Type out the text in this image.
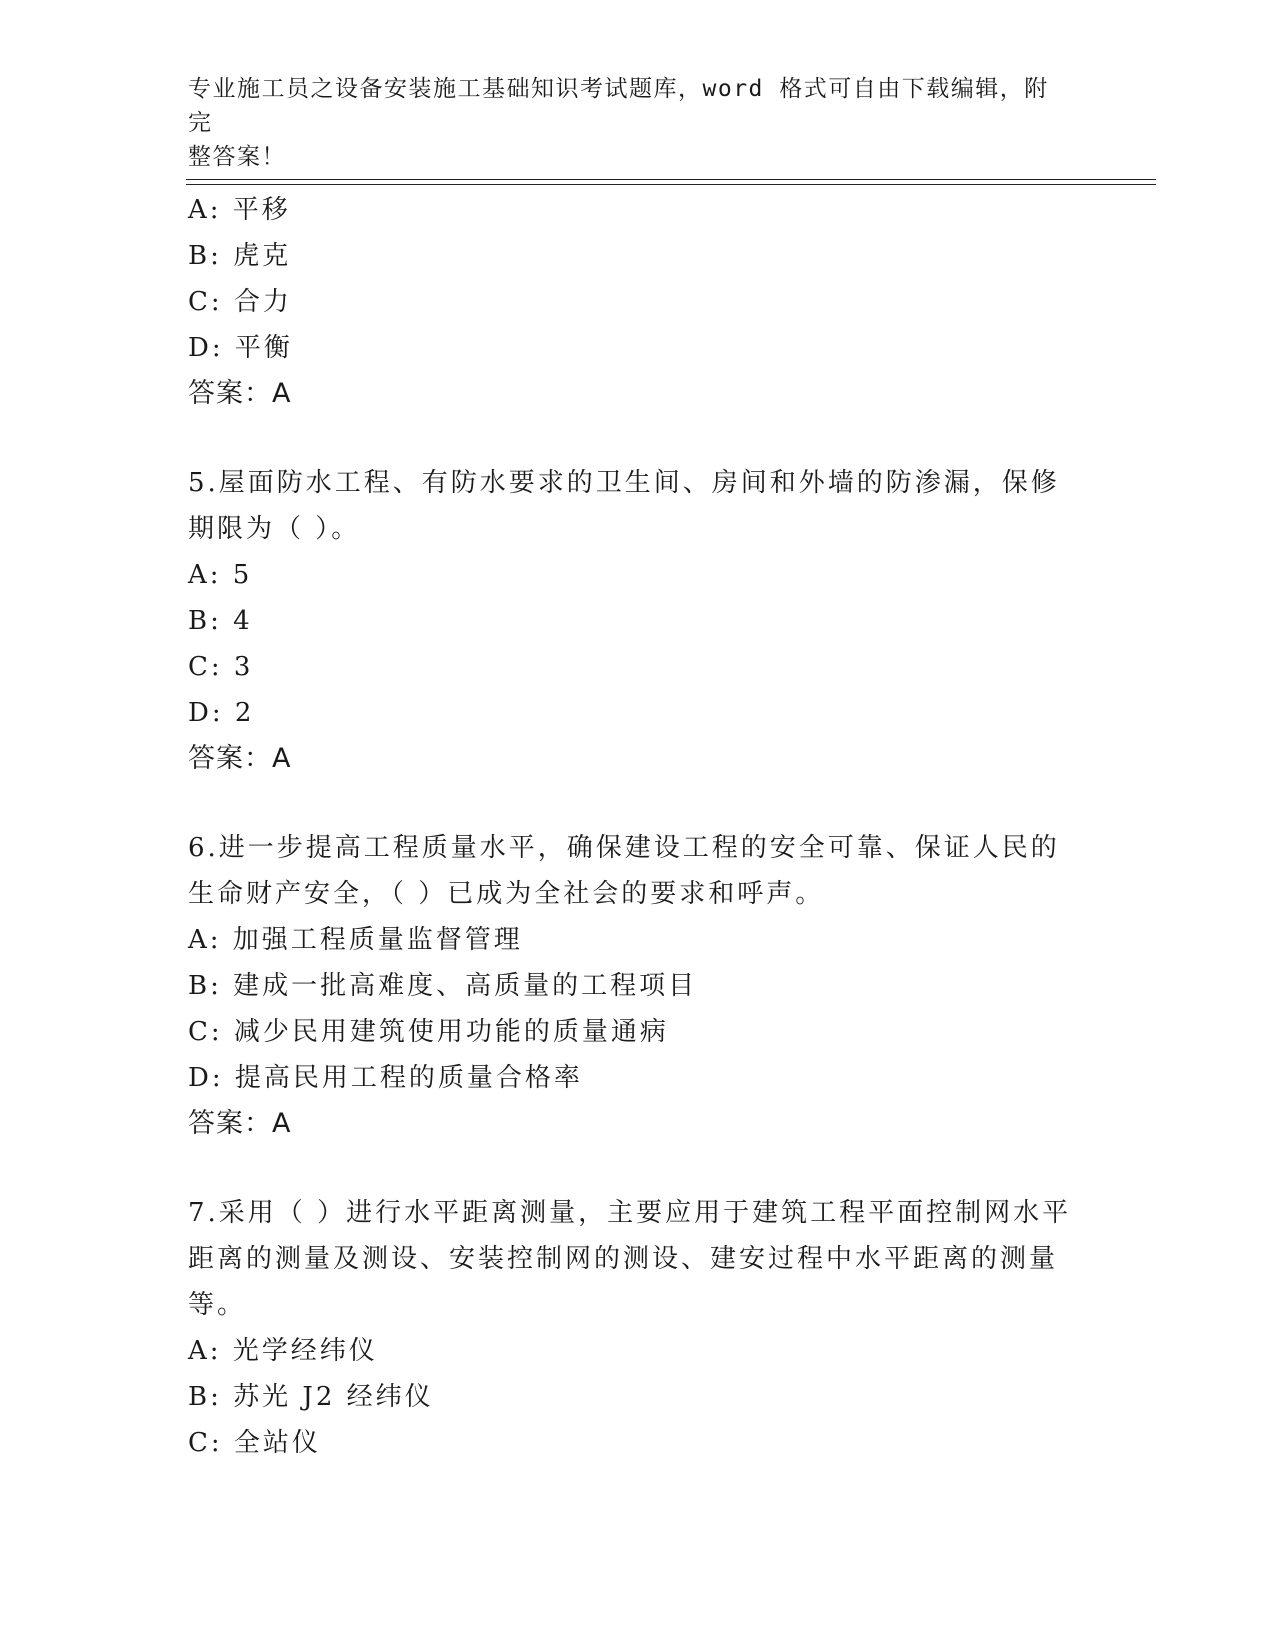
专业施工员之设备安装施工基础知识考试题库，word 格式可自由下载编辑，附完
整答案！
A: 平移
B: 虎克
C: 合力
D: 平衡
答案：A
5.屋面防水工程、有防水要求的卫生间、房间和外墙的防渗漏，保修
期限为（ ）。
A: 5
B: 4
C: 3
D: 2
答案：A
6.进一步提高工程质量水平，确保建设工程的安全可靠、保证人民的
生命财产安全，（ ）已成为全社会的要求和呼声。
A: 加强工程质量监督管理
B: 建成一批高难度、高质量的工程项目
C: 减少民用建筑使用功能的质量通病
D: 提高民用工程的质量合格率
答案：A
7.采用（ ）进行水平距离测量，主要应用于建筑工程平面控制网水平
距离的测量及测设、安装控制网的测设、建安过程中水平距离的测量
等。
A: 光学经纬仪
B: 苏光 J2 经纬仪
C: 全站仪
